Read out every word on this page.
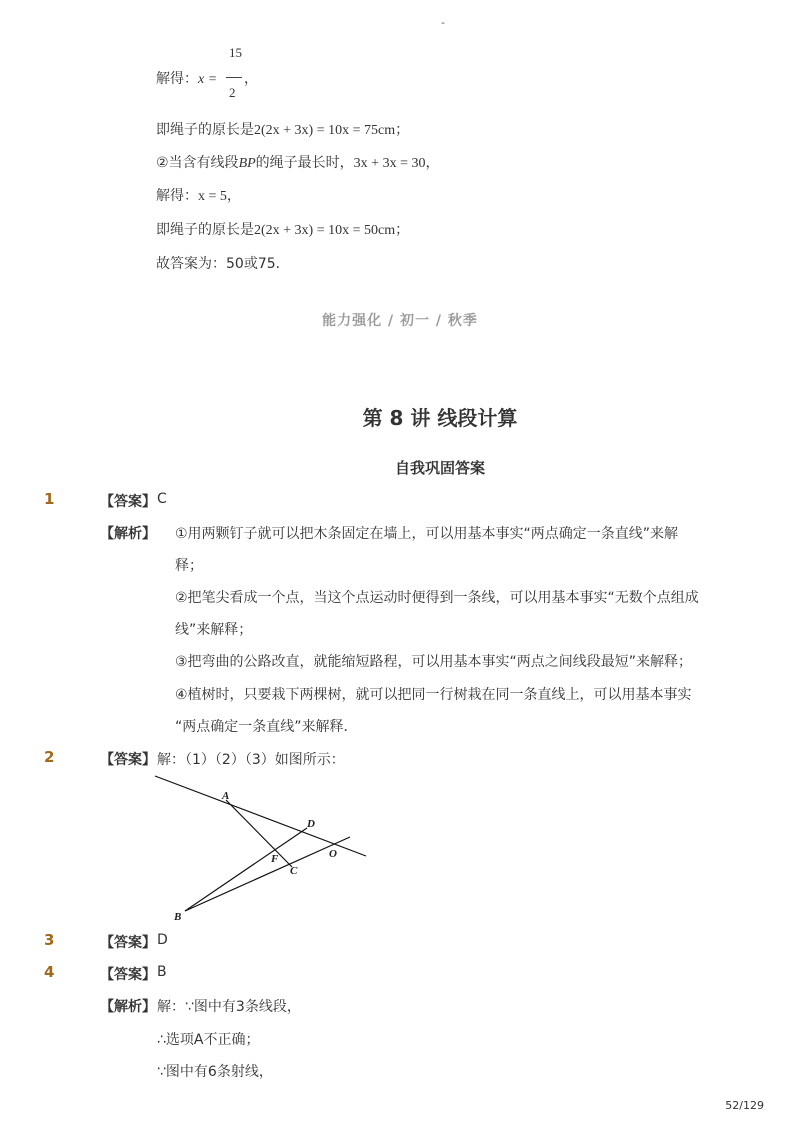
-
解得：x =
15
2
，
即绳子的原长是2(2x + 3x) = 10x = 75cm；
②当含有线段BP的绳子最长时，3x + 3x = 30，
解得：x = 5，
即绳子的原长是2(2x + 3x) = 10x = 50cm；
故答案为：50或75．
能力强化 / 初一 / 秋季
第 8 讲 线段计算
自我巩固答案
1	【答案】 C
【解析】 ①用两颗钉子就可以把木条固定在墙上，可以用基本事实“两点确定一条直线”来解
释；
②把笔尖看成一个点，当这个点运动时便得到一条线，可以用基本事实“无数个点组成
线”来解释；
③把弯曲的公路改直，就能缩短路程，可以用基本事实“两点之间线段最短”来解释；
④植树时，只要栽下两棵树，就可以把同一行树栽在同一条直线上，可以用基本事实
“两点确定一条直线”来解释．
2	【答案】 解：（1）（2）（3）如图所示：
A
D
F	O
C
B
3	【答案】 D
4	【答案】 B
【解析】 解：∵图中有3条线段，
∴选项A不正确；
∵图中有6条射线，
52/129
